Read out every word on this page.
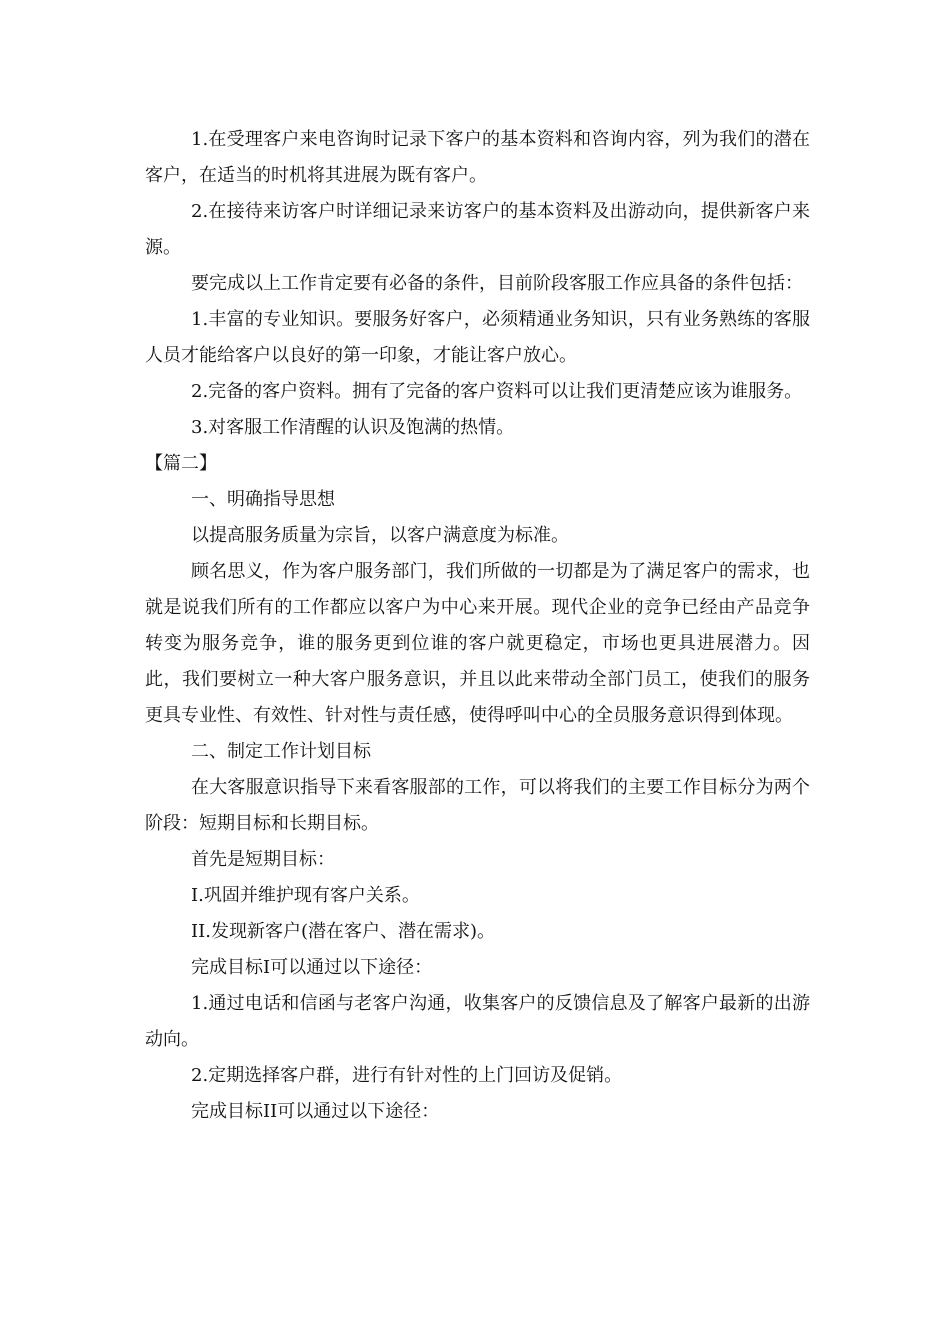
1.在受理客户来电咨询时记录下客户的基本资料和咨询内容，列为我们的潜在客户，在适当的时机将其进展为既有客户。

2.在接待来访客户时详细记录来访客户的基本资料及出游动向，提供新客户来源。

要完成以上工作肯定要有必备的条件，目前阶段客服工作应具备的条件包括：

1.丰富的专业知识。要服务好客户，必须精通业务知识，只有业务熟练的客服人员才能给客户以良好的第一印象，才能让客户放心。

2.完备的客户资料。拥有了完备的客户资料可以让我们更清楚应该为谁服务。

3.对客服工作清醒的认识及饱满的热情。

【篇二】

一、明确指导思想

以提高服务质量为宗旨，以客户满意度为标准。

顾名思义，作为客户服务部门，我们所做的一切都是为了满足客户的需求，也就是说我们所有的工作都应以客户为中心来开展。现代企业的竞争已经由产品竞争转变为服务竞争，谁的服务更到位谁的客户就更稳定，市场也更具进展潜力。因此，我们要树立一种大客户服务意识，并且以此来带动全部门员工，使我们的服务更具专业性、有效性、针对性与责任感，使得呼叫中心的全员服务意识得到体现。

二、制定工作计划目标

在大客服意识指导下来看客服部的工作，可以将我们的主要工作目标分为两个阶段：短期目标和长期目标。

首先是短期目标：

I.巩固并维护现有客户关系。

II.发现新客户(潜在客户、潜在需求)。

完成目标I可以通过以下途径：

1.通过电话和信函与老客户沟通，收集客户的反馈信息及了解客户最新的出游动向。

2.定期选择客户群，进行有针对性的上门回访及促销。

完成目标II可以通过以下途径：
